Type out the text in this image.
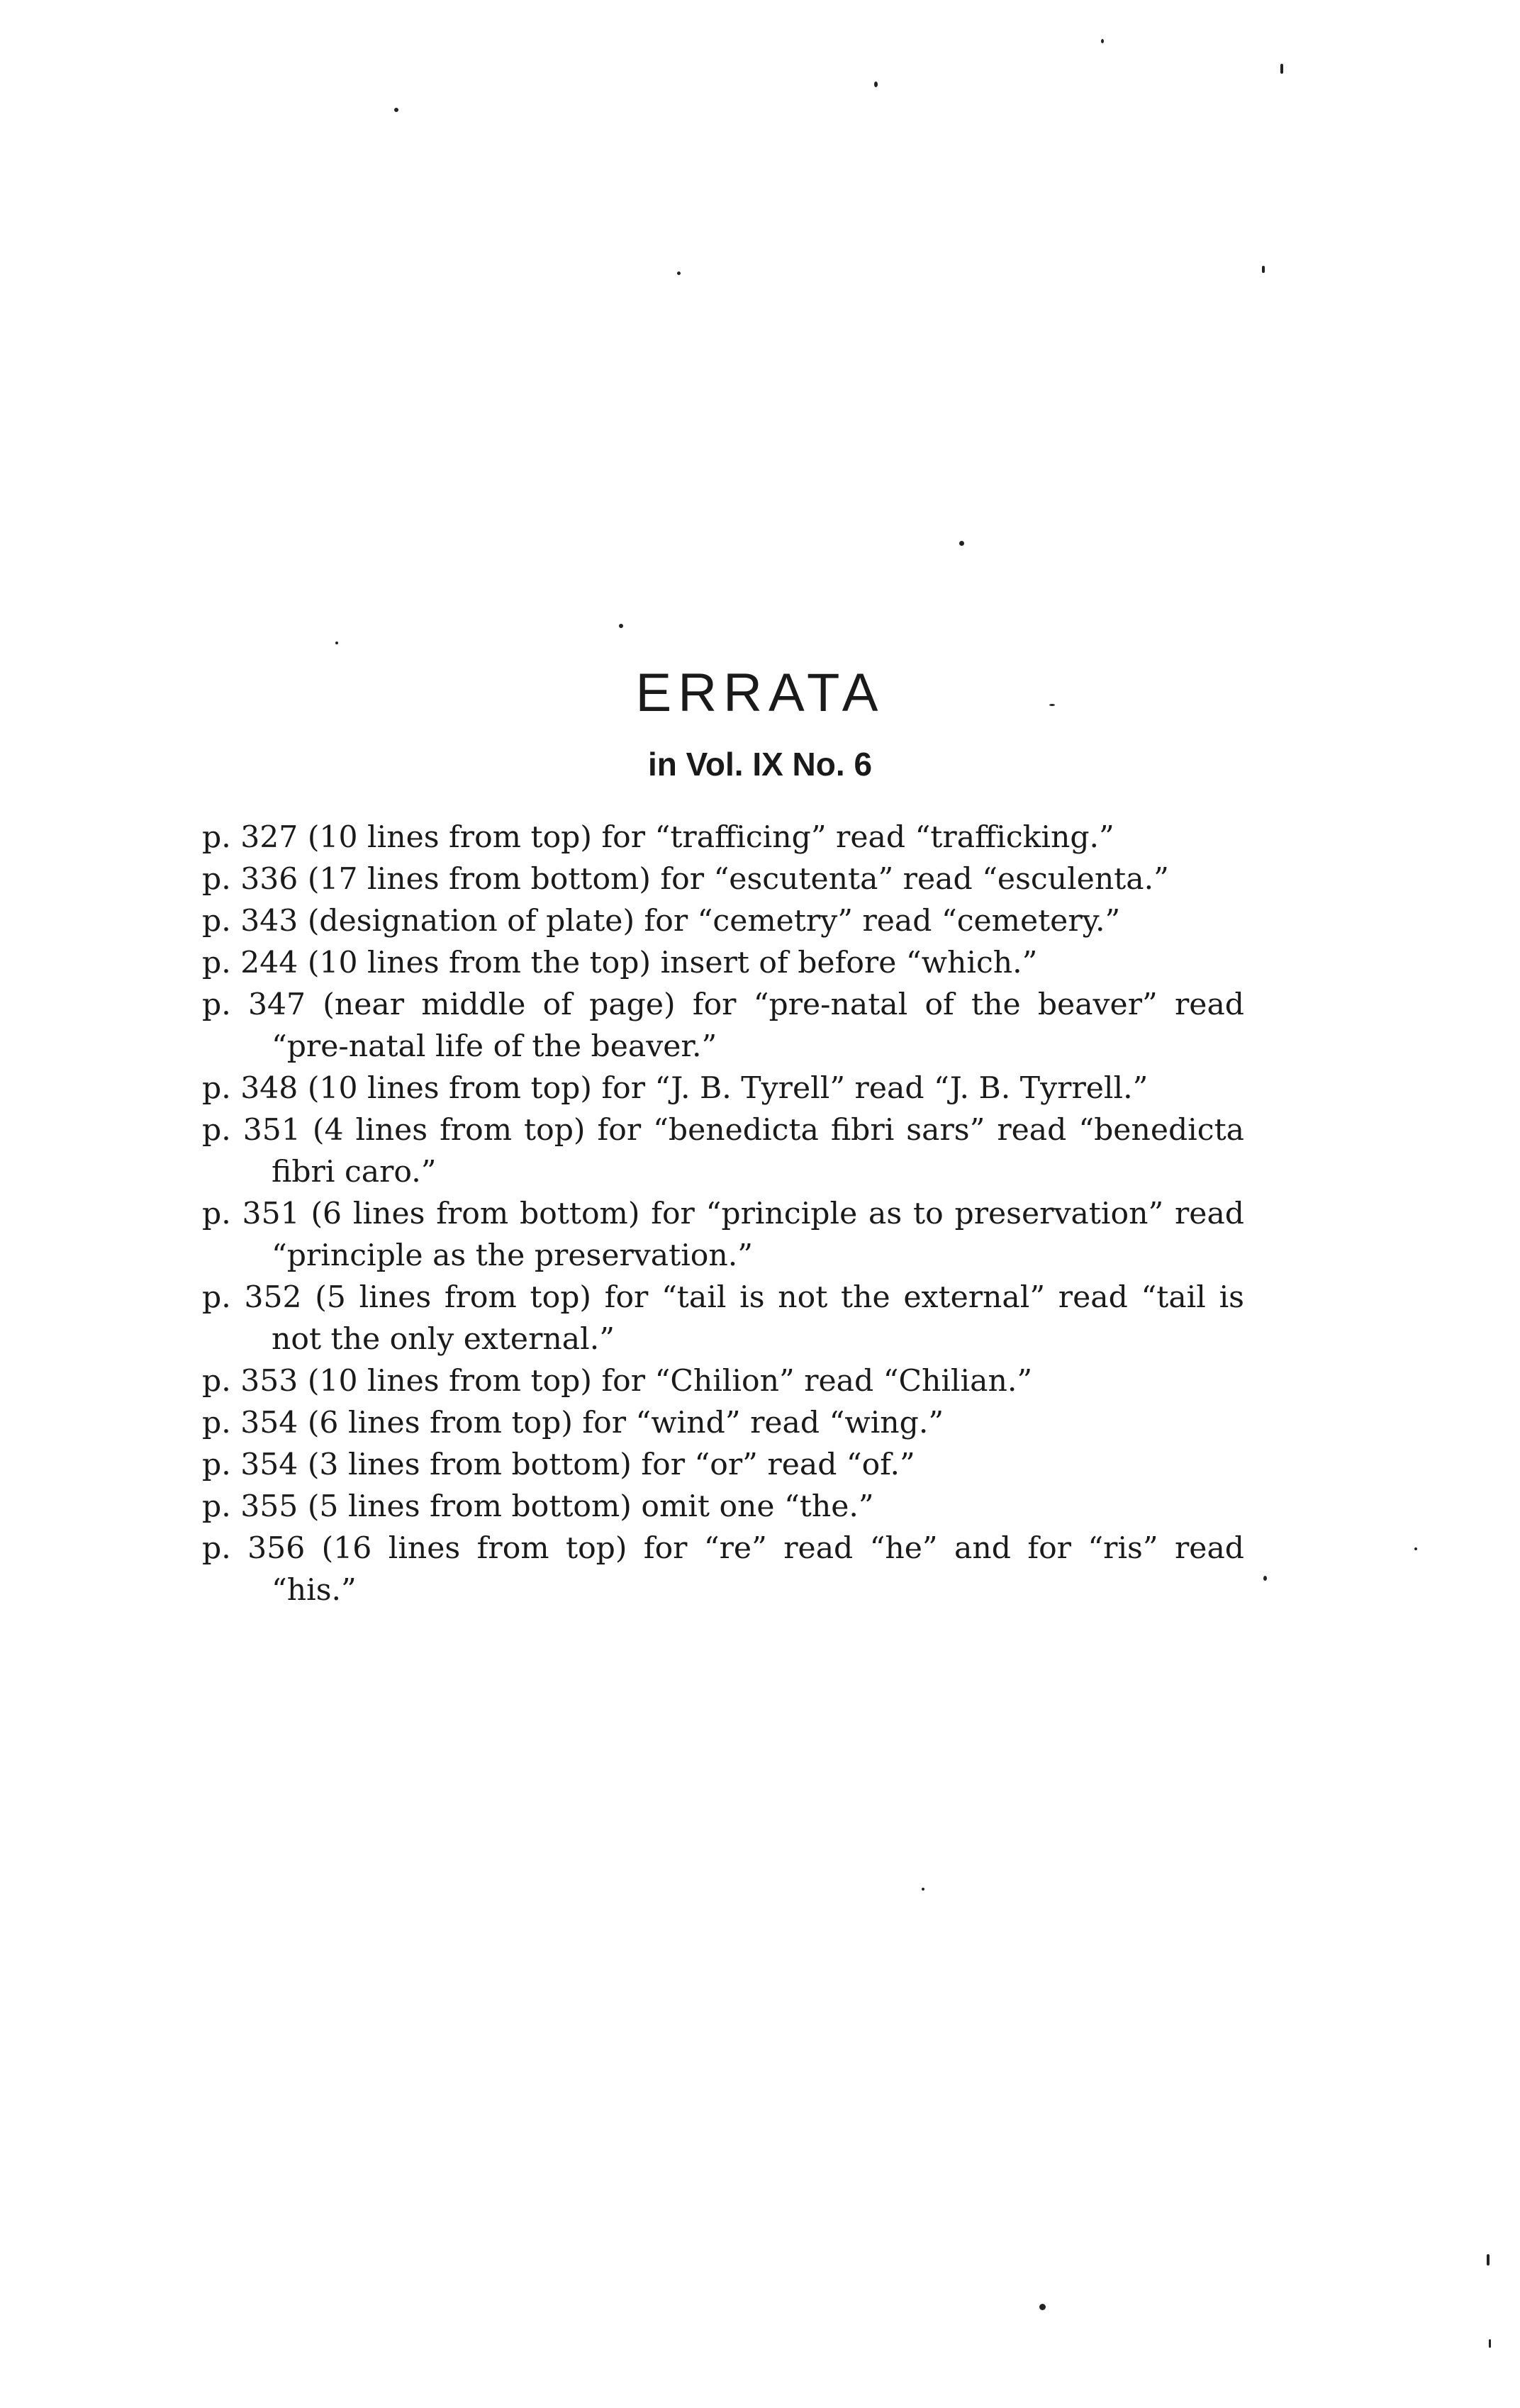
ERRATA
in Vol. IX No. 6
p. 327 (10 lines from top) for “trafficing” read “trafficking.”
p. 336 (17 lines from bottom) for “escutenta” read “esculenta.”
p. 343 (designation of plate) for “cemetry” read “cemetery.”
p. 244 (10 lines from the top) insert of before “which.”
p. 347 (near middle of page) for “pre-natal of the beaver” read “pre-natal life of the beaver.”
p. 348 (10 lines from top) for “J. B. Tyrell” read “J. B. Tyrrell.”
p. 351 (4 lines from top) for “benedicta fibri sars” read “benedicta fibri caro.”
p. 351 (6 lines from bottom) for “principle as to preservation” read “principle as the preservation.”
p. 352 (5 lines from top) for “tail is not the external” read “tail is not the only external.”
p. 353 (10 lines from top) for “Chilion” read “Chilian.”
p. 354 (6 lines from top) for “wind” read “wing.”
p. 354 (3 lines from bottom) for “or” read “of.”
p. 355 (5 lines from bottom) omit one “the.”
p. 356 (16 lines from top) for “re” read “he” and for “ris” read “his.”
